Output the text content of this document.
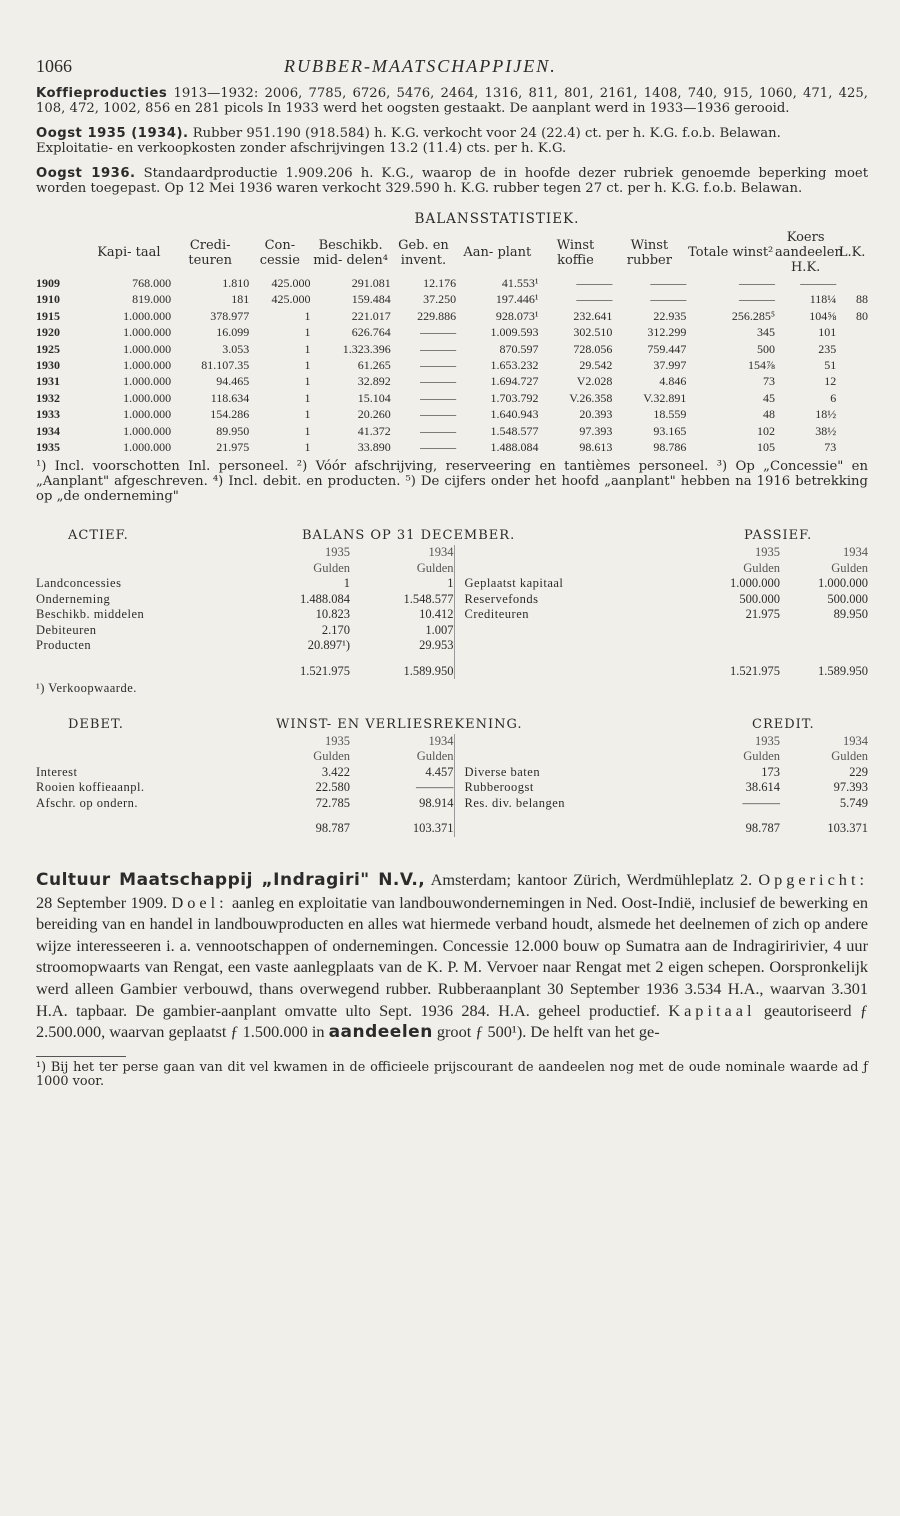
1066	RUBBER-MAATSCHAPPIJEN.

Koffieproducties 1913—1932: 2006, 7785, 6726, 5476, 2464, 1316, 811, 801, 2161, 1408, 740, 915, 1060, 471, 425, 108, 472, 1002, 856 en 281 picols In 1933 werd het oogsten gestaakt. De aanplant werd in 1933—1936 gerooid.

Oogst 1935 (1934). Rubber 951.190 (918.584) h. K.G. verkocht voor 24 (22.4) ct. per h. K.G. f.o.b. Belawan.
Exploitatie- en verkoopkosten zonder afschrijvingen 13.2 (11.4) cts. per h. K.G.

Oogst 1936. Standaardproductie 1.909.206 h. K.G., waarop de in hoofde dezer rubriek genoemde beperking moet worden toegepast. Op 12 Mei 1936 waren verkocht 329.590 h. K.G. rubber tegen 27 ct. per h. K.G. f.o.b. Belawan.

BALANSSTATISTIEK.
	Kapi- taal	Credi- teuren	Con- cessie	Beschikb. mid- delen⁴	Geb. en invent.	Aan- plant	Winst koffie	Winst rubber	Totale winst²	Koers aandeelen H.K.	L.K.
1909	768.000	1.810	425.000	291.081	12.176	41.553¹	———	———	———	———	
1910	819.000	181	425.000	159.484	37.250	197.446¹	———	———	———	118¼	88
1915	1.000.000	378.977	1	221.017	229.886	928.073¹	232.641	22.935	256.285⁵	104⅝	80
1920	1.000.000	16.099	1	626.764	———	1.009.593	302.510	312.299	345	101	
1925	1.000.000	3.053	1	1.323.396	———	870.597	728.056	759.447	500	235	
1930	1.000.000	81.107.35	1	61.265	———	1.653.232	29.542	37.997	154⅞	51	
1931	1.000.000	94.465	1	32.892	———	1.694.727	V2.028	4.846	73	12	
1932	1.000.000	118.634	1	15.104	———	1.703.792	V.26.358	V.32.891	45	6	
1933	1.000.000	154.286	1	20.260	———	1.640.943	20.393	18.559	48	18½	
1934	1.000.000	89.950	1	41.372	———	1.548.577	97.393	93.165	102	38½	
1935	1.000.000	21.975	1	33.890	———	1.488.084	98.613	98.786	105	73	

¹) Incl. voorschotten Inl. personeel. ²) Vóór afschrijving, reserveering en tantièmes personeel. ³) Op „Concessie" en „Aanplant" afgeschreven. ⁴) Incl. debit. en producten. ⁵) De cijfers onder het hoofd „aanplant" hebben na 1916 betrekking op „de onderneming"

ACTIEF.	BALANS OP 31 DECEMBER.	PASSIEF.
	1935	1934		1935	1934
	Gulden	Gulden		Gulden	Gulden
Landconcessies	1	1	Geplaatst kapitaal	1.000.000	1.000.000
Onderneming	1.488.084	1.548.577	Reservefonds	500.000	500.000
Beschikb. middelen	10.823	10.412	Crediteuren	21.975	89.950
Debiteuren	2.170	1.007			
Producten	20.897¹)	29.953			
	1.521.975	1.589.950		1.521.975	1.589.950
¹) Verkoopwaarde.					
DEBET.	WINST- EN VERLIESREKENING.	CREDIT.
	1935	1934		1935	1934
	Gulden	Gulden		Gulden	Gulden
Interest	3.422	4.457	Diverse baten	173	229
Rooien koffieaanpl.	22.580	———	Rubberoogst	38.614	97.393
Afschr. op ondern.	72.785	98.914	Res. div. belangen	———	5.749
	98.787	103.371		98.787	103.371

Cultuur Maatschappij „Indragiri" N.V., Amsterdam; kantoor Zürich, Werdmühleplatz 2. Opgericht: 28 September 1909. Doel: aanleg en exploitatie van landbouwondernemingen in Ned. Oost-Indië, inclusief de bewerking en bereiding van en handel in landbouwproducten en alles wat hiermede verband houdt, alsmede het deelnemen of zich op andere wijze interesseeren i. a. vennootschappen of ondernemingen. Concessie 12.000 bouw op Sumatra aan de Indragiririvier, 4 uur stroomopwaarts van Rengat, een vaste aanlegplaats van de K. P. M. Vervoer naar Rengat met 2 eigen schepen. Oorspronkelijk werd alleen Gambier verbouwd, thans overwegend rubber. Rubberaanplant 30 September 1936 3.534 H.A., waarvan 3.301 H.A. tapbaar. De gambier-aanplant omvatte ulto Sept. 1936 284. H.A. geheel productief. Kapitaal geautoriseerd ƒ 2.500.000, waarvan geplaatst ƒ 1.500.000 in aandeelen groot ƒ 500¹). De helft van het ge-

¹) Bij het ter perse gaan van dit vel kwamen in de officieele prijscourant de aandeelen nog met de oude nominale waarde ad ƒ 1000 voor.
